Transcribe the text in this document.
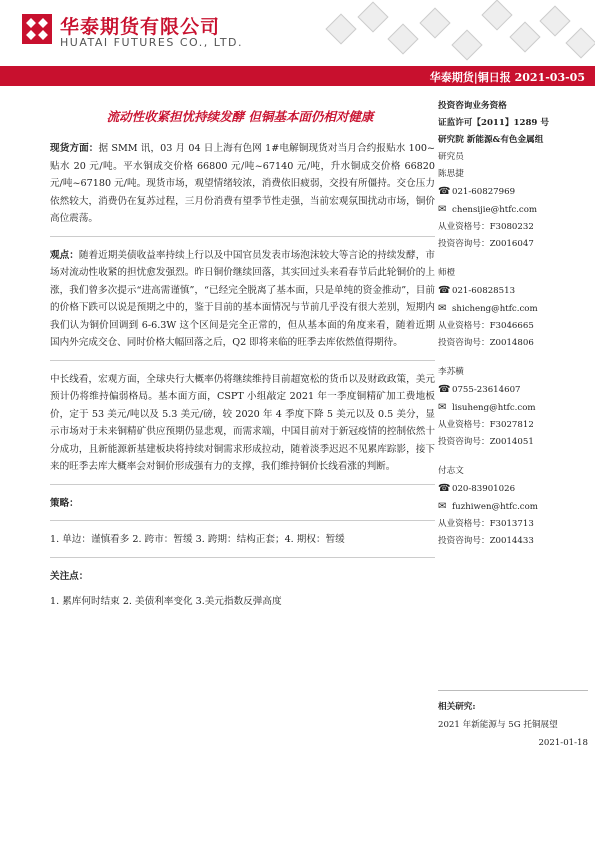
华泰期货有限公司
HUATAI FUTURES CO., LTD.
华泰期货|铜日报 2021-03-05
流动性收紧担忧持续发酵 但铜基本面仍相对健康

现货方面：据 SMM 讯，03 月 04 日上海有色网 1#电解铜现货对当月合约报贴水 100~贴水 20 元/吨。平水铜成交价格 66800 元/吨~67140 元/吨，升水铜成交价格 66820 元/吨~67180 元/吨。现货市场，观望情绪较浓，消费依旧疲弱，交投有所僵持。交仓压力依然较大，消费仍在复苏过程，三月份消费有望季节性走强，当前宏观氛围扰动市场，铜价高位震荡。

观点：随着近期美债收益率持续上行以及中国官员发表市场泡沫较大等言论的持续发酵，市场对流动性收紧的担忧愈发强烈。昨日铜价继续回落，其实回过头来看春节后此轮铜价的上涨，我们曾多次提示“进高需谨慎”，“已经完全脱离了基本面，只是单纯的资金推动”，目前的价格下跌可以说是预期之中的，鉴于目前的基本面情况与节前几乎没有很大差别，短期内我们认为铜价回调到 6-6.3W 这个区间是完全正常的，但从基本面的角度来看，随着近期国内外完成交仓、同时价格大幅回落之后，Q2 即将来临的旺季去库依然值得期待。

中长线看，宏观方面，全球央行大概率仍将继续维持目前超宽松的货币以及财政政策，美元预计仍将维持偏弱格局。基本面方面，CSPT 小组敲定 2021 年一季度铜精矿加工费地板价，定于 53 美元/吨以及 5.3 美元/磅，较 2020 年 4 季度下降 5 美元以及 0.5 美分，显示市场对于未来铜精矿供应预期仍显悲观，而需求端，中国目前对于新冠疫情的控制依然十分成功，且新能源新基建板块将持续对铜需求形成拉动，随着淡季迟迟不见累库踪影，接下来的旺季去库大概率会对铜价形成强有力的支撑，我们维持铜价长线看涨的判断。

策略：

1. 单边：谨慎看多 2. 跨市：暂缓 3. 跨期：结构正套；4. 期权：暂缓

关注点：

1. 累库何时结束 2. 美债利率变化 3.美元指数反弹高度

投资咨询业务资格
证监许可【2011】1289 号
研究院 新能源&有色金属组
研究员
陈思捷
☎ 021-60827969
✉ chensijie@htfc.com
从业资格号：F3080232
投资咨询号：Z0016047
师橙
☎ 021-60828513
✉ shicheng@htfc.com
从业资格号：F3046665
投资咨询号：Z0014806
李苏横
☎ 0755-23614607
✉ lisuheng@htfc.com
从业资格号：F3027812
投资咨询号：Z0014051
付志文
☎ 020-83901026
✉ fuzhiwen@htfc.com
从业资格号：F3013713
投资咨询号：Z0014433
相关研究:
2021 年新能源与 5G 托铜展望
2021-01-18
